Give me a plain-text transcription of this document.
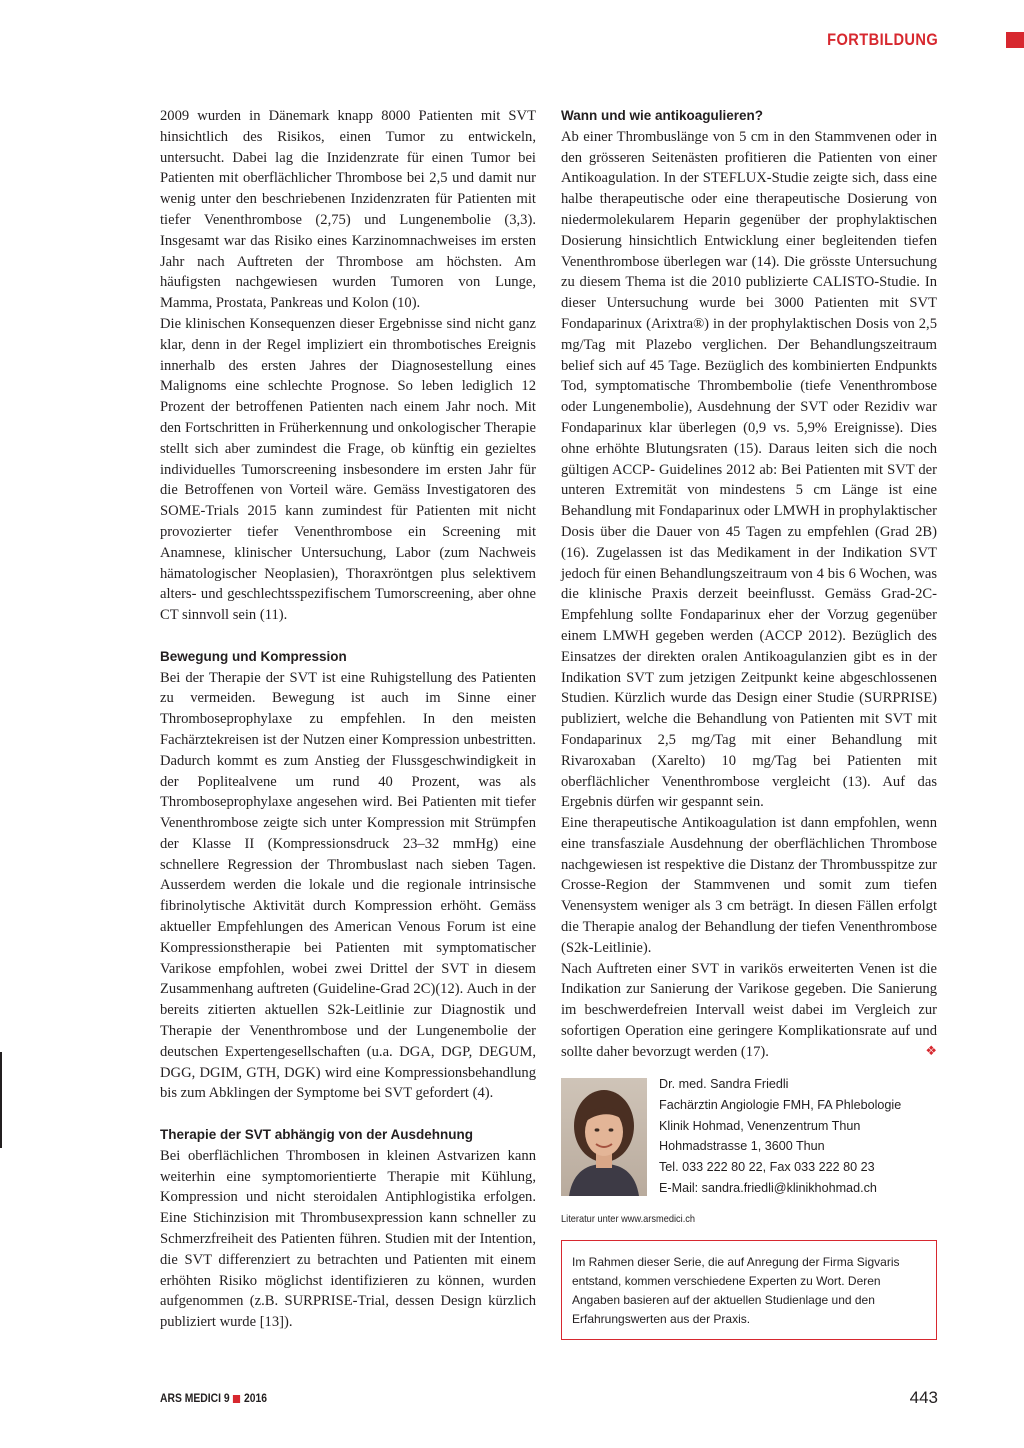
FORTBILDUNG

2009 wurden in Dänemark knapp 8000 Patienten mit SVT hinsichtlich des Risikos, einen Tumor zu entwickeln, untersucht. Dabei lag die Inzidenzrate für einen Tumor bei Patienten mit oberflächlicher Thrombose bei 2,5 und damit nur wenig unter den beschriebenen Inzidenzraten für Patienten mit tiefer Venenthrombose (2,75) und Lungenembolie (3,3). Insgesamt war das Risiko eines Karzinomnachweises im ersten Jahr nach Auftreten der Thrombose am höchsten. Am häufigsten nachgewiesen wurden Tumoren von Lunge, Mamma, Prostata, Pankreas und Kolon (10).

Die klinischen Konsequenzen dieser Ergebnisse sind nicht ganz klar, denn in der Regel impliziert ein thrombotisches Ereignis innerhalb des ersten Jahres der Diagnosestellung eines Malignoms eine schlechte Prognose. So leben lediglich 12 Prozent der betroffenen Patienten nach einem Jahr noch. Mit den Fortschritten in Früherkennung und onkologischer Therapie stellt sich aber zumindest die Frage, ob künftig ein gezieltes individuelles Tumorscreening insbesondere im ersten Jahr für die Betroffenen von Vorteil wäre. Gemäss Investigatoren des SOME-Trials 2015 kann zumindest für Patienten mit nicht provozierter tiefer Venenthrombose ein Screening mit Anamnese, klinischer Untersuchung, Labor (zum Nachweis hämatologischer Neoplasien), Thoraxröntgen plus selektivem alters- und geschlechtsspezifischem Tumorscreening, aber ohne CT sinnvoll sein (11).

Bewegung und Kompression

Bei der Therapie der SVT ist eine Ruhigstellung des Patienten zu vermeiden. Bewegung ist auch im Sinne einer Thromboseprophylaxe zu empfehlen. In den meisten Fachärztekreisen ist der Nutzen einer Kompression unbestritten. Dadurch kommt es zum Anstieg der Flussgeschwindigkeit in der Poplitealvene um rund 40 Prozent, was als Thromboseprophylaxe angesehen wird. Bei Patienten mit tiefer Venenthrombose zeigte sich unter Kompression mit Strümpfen der Klasse II (Kompressionsdruck 23–32 mmHg) eine schnellere Regression der Thrombuslast nach sieben Tagen. Ausserdem werden die lokale und die regionale intrinsische fibrinolytische Aktivität durch Kompression erhöht. Gemäss aktueller Empfehlungen des American Venous Forum ist eine Kompressionstherapie bei Patienten mit symptomatischer Varikose empfohlen, wobei zwei Drittel der SVT in diesem Zusammenhang auftreten (Guideline-Grad 2C)(12). Auch in der bereits zitierten aktuellen S2k-Leitlinie zur Diagnostik und Therapie der Venenthrombose und der Lungenembolie der deutschen Expertengesellschaften (u.a. DGA, DGP, DEGUM, DGG, DGIM, GTH, DGK) wird eine Kompressionsbehandlung bis zum Abklingen der Symptome bei SVT gefordert (4).

Therapie der SVT abhängig von der Ausdehnung

Bei oberflächlichen Thrombosen in kleinen Astvarizen kann weiterhin eine symptomorientierte Therapie mit Kühlung, Kompression und nicht steroidalen Antiphlogistika erfolgen. Eine Stichinzision mit Thrombusexpression kann schneller zu Schmerzfreiheit des Patienten führen. Studien mit der Intention, die SVT differenziert zu betrachten und Patienten mit einem erhöhten Risiko möglichst identifizieren zu können, wurden aufgenommen (z.B. SURPRISE-Trial, dessen Design kürzlich publiziert wurde [13]).

Wann und wie antikoagulieren?

Ab einer Thrombuslänge von 5 cm in den Stammvenen oder in den grösseren Seitenästen profitieren die Patienten von einer Antikoagulation. In der STEFLUX-Studie zeigte sich, dass eine halbe therapeutische oder eine therapeutische Dosierung von niedermolekularem Heparin gegenüber der prophylaktischen Dosierung hinsichtlich Entwicklung einer begleitenden tiefen Venenthrombose überlegen war (14). Die grösste Untersuchung zu diesem Thema ist die 2010 publizierte CALISTO-Studie. In dieser Untersuchung wurde bei 3000 Patienten mit SVT Fondaparinux (Arixtra®) in der prophylaktischen Dosis von 2,5 mg/Tag mit Plazebo verglichen. Der Behandlungszeitraum belief sich auf 45 Tage. Bezüglich des kombinierten Endpunkts Tod, symptomatische Thrombembolie (tiefe Venenthrombose oder Lungenembolie), Ausdehnung der SVT oder Rezidiv war Fondaparinux klar überlegen (0,9 vs. 5,9% Ereignisse). Dies ohne erhöhte Blutungsraten (15). Daraus leiten sich die noch gültigen ACCP- Guidelines 2012 ab: Bei Patienten mit SVT der unteren Extremität von mindestens 5 cm Länge ist eine Behandlung mit Fondaparinux oder LMWH in prophylaktischer Dosis über die Dauer von 45 Tagen zu empfehlen (Grad 2B)(16). Zugelassen ist das Medikament in der Indikation SVT jedoch für einen Behandlungszeitraum von 4 bis 6 Wochen, was die klinische Praxis derzeit beeinflusst. Gemäss Grad-2C-Empfehlung sollte Fondaparinux eher der Vorzug gegenüber einem LMWH gegeben werden (ACCP 2012). Bezüglich des Einsatzes der direkten oralen Antikoagulanzien gibt es in der Indikation SVT zum jetzigen Zeitpunkt keine abgeschlossenen Studien. Kürzlich wurde das Design einer Studie (SURPRISE) publiziert, welche die Behandlung von Patienten mit SVT mit Fondaparinux 2,5 mg/Tag mit einer Behandlung mit Rivaroxaban (Xarelto) 10 mg/Tag bei Patienten mit oberflächlicher Venenthrombose vergleicht (13). Auf das Ergebnis dürfen wir gespannt sein.

Eine therapeutische Antikoagulation ist dann empfohlen, wenn eine transfasziale Ausdehnung der oberflächlichen Thrombose nachgewiesen ist respektive die Distanz der Thrombusspitze zur Crosse-Region der Stammvenen und somit zum tiefen Venensystem weniger als 3 cm beträgt. In diesen Fällen erfolgt die Therapie analog der Behandlung der tiefen Venenthrombose (S2k-Leitlinie).

Nach Auftreten einer SVT in varikös erweiterten Venen ist die Indikation zur Sanierung der Varikose gegeben. Die Sanierung im beschwerdefreien Intervall weist dabei im Vergleich zur sofortigen Operation eine geringere Komplikationsrate auf und sollte daher bevorzugt werden (17).	❖

Dr. med. Sandra Friedli
Fachärztin Angiologie FMH, FA Phlebologie
Klinik Hohmad, Venenzentrum Thun
Hohmadstrasse 1, 3600 Thun
Tel. 033 222 80 22, Fax 033 222 80 23
E-Mail: sandra.friedli@klinikhohmad.ch
Literatur unter www.arsmedici.ch
Im Rahmen dieser Serie, die auf Anregung der Firma Sigvaris entstand, kommen verschiedene Experten zu Wort. Deren Angaben basieren auf der aktuellen Studienlage und den Erfahrungswerten aus der Praxis.
ARS MEDICI 9 2016	443
